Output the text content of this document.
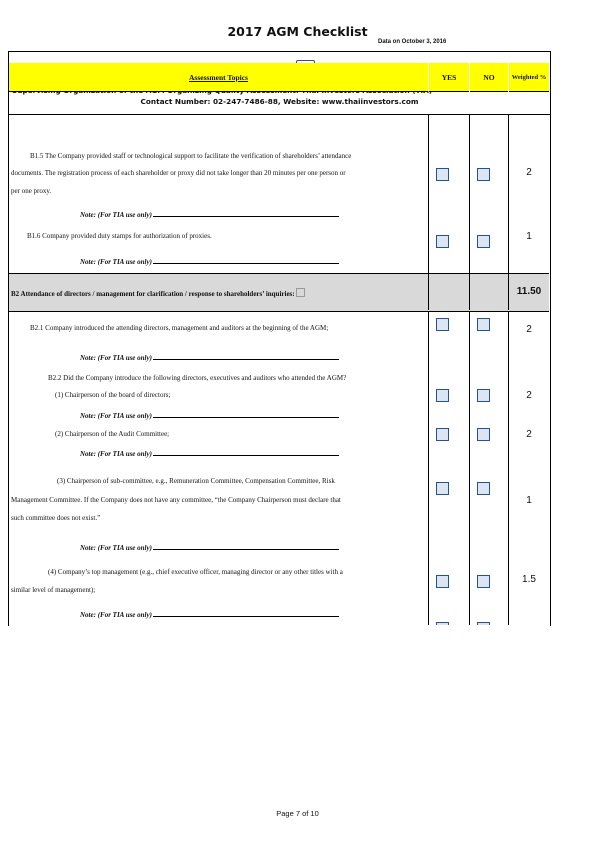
2017 AGM Checklist
Data on October 3, 2016
Contact Number: 02-247-7486-88, Website: www.thaiinvestors.com
Assessment Topics	YES	NO	Weighted %
B1.5 The Company provided staff or technological support to facilitate the verification of shareholders’ attendance
documents. The registration process of each shareholder or proxy did not take longer than 20 minutes per one person or
per one proxy.
Note: (For TIA use only)
2
B1.6 Company provided duty stamps for authorization of proxies.
Note: (For TIA use only)
1
B2 Attendance of directors / management for clarification / response to shareholders’ inquiries:	11.50
B2.1 Company introduced the attending directors, management and auditors at the beginning of the AGM;
Note: (For TIA use only)
2
B2.2 Did the Company introduce the following directors, executives and auditors who attended the AGM?
(1) Chairperson of the board of directors;
Note: (For TIA use only)
2
(2) Chairperson of the Audit Committee;
Note: (For TIA use only)
2
(3) Chairperson of sub-committee, e.g., Remuneration Committee, Compensation Committee, Risk
Management Committee. If the Company does not have any committee, “the Company Chairperson must declare that
such committee does not exist.”
Note: (For TIA use only)
1
(4) Company’s top management (e.g., chief executive officer, managing director or any other titles with a
similar level of management);
Note: (For TIA use only)
1.5
Page 7 of 10
